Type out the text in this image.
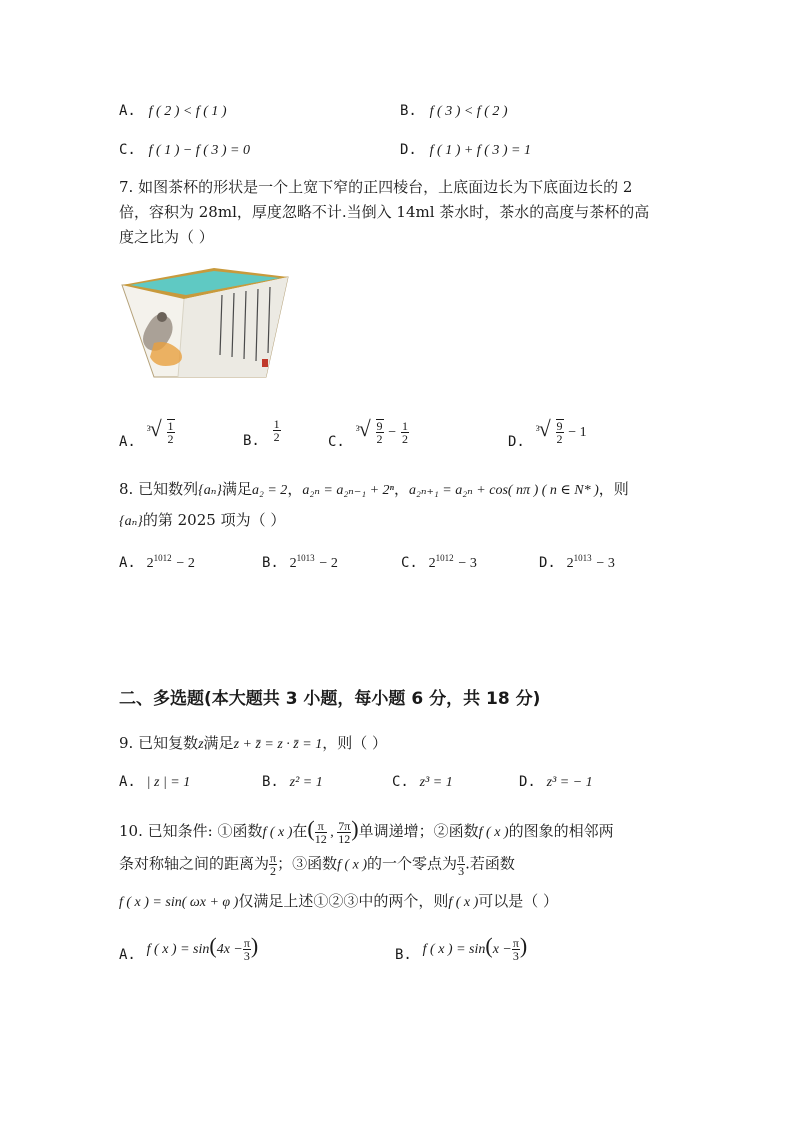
A. f ( 2 ) < f ( 1 )	B. f ( 3 ) < f ( 2 )
C. f ( 1 ) − f ( 3 ) = 0	D. f ( 1 ) + f ( 3 ) = 1
7. 如图茶杯的形状是一个上宽下窄的正四棱台，上底面边长为下底面边长的 2
倍，容积为 28ml，厚度忽略不计.当倒入 14ml 茶水时，茶水的高度与茶杯的高
度之比为（ ）
A.
3 √ $\frac{1}{2}$	B. $\frac{1}{2}$	C.
3 √ $\frac{9}{2} - \frac{1}{2}$	D.
3 √ $\frac{9}{2} - 1$
8. 已知数列{aₙ}满足a₂ = 2，a₂ₙ = a₂ₙ₋₁ + 2ⁿ，a₂ₙ₊₁ = a₂ₙ + cos( nπ ) ( n ∈ N* )，则
{aₙ}的第 2025 项为（ ）
A. $2^{1012} - 2$	B. $2^{1013} - 2$	C. $2^{1012} - 3$	D. $2^{1013} - 3$
二、多选题(本大题共 3 小题，每小题 6 分，共 18 分)
9. 已知复数z满足z + z̄ = z · z̄ = 1，则（ ）
A. | z | = 1	B. z² = 1	C. z³ = 1	D. z³ = − 1
10. 已知条件: ①函数f ( x )在( $\frac{\pi}{12}$ , $\frac{7\pi}{12}$ )单调递增；②函数f ( x )的图象的相邻两
条对称轴之间的距离为 $\frac{\pi}{2}$ ；③函数f ( x )的一个零点为 $\frac{\pi}{3}$ .若函数
f ( x ) = sin( ωx + φ )仅满足上述①②③中的两个，则f ( x )可以是（ ）
A. f ( x ) = $\sin(4x - \frac{\pi}{3}$ )	B. f ( x ) = $\sin(x - \frac{\pi}{3}$ )
